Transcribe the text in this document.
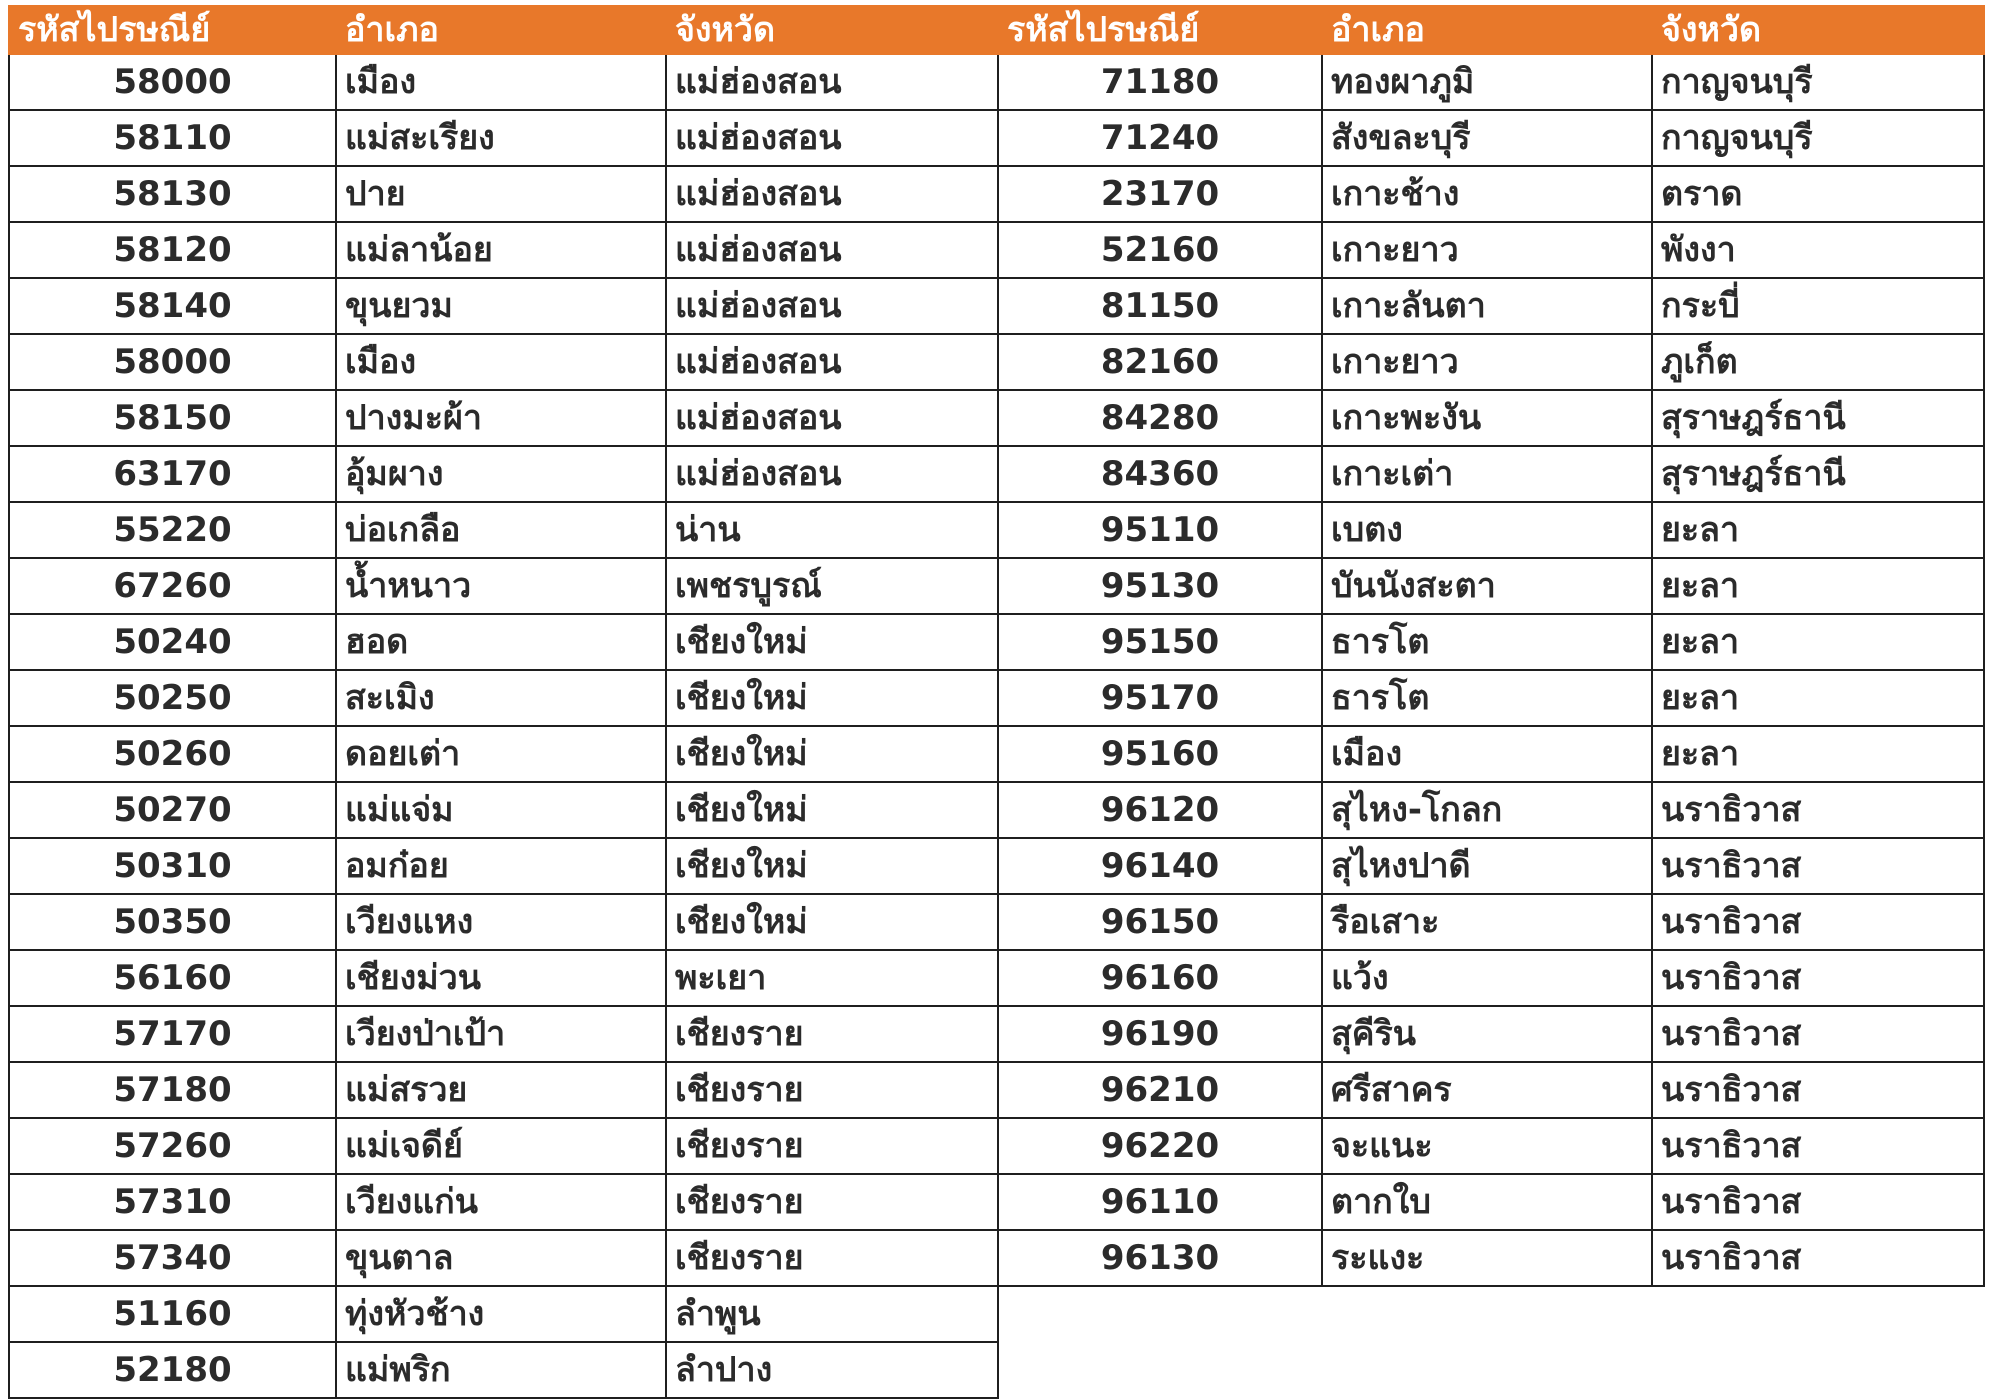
รหัสไปรษณีย์	อำเภอ	จังหวัด
58000	เมือง	แม่ฮ่องสอน
58110	แม่สะเรียง	แม่ฮ่องสอน
58130	ปาย	แม่ฮ่องสอน
58120	แม่ลาน้อย	แม่ฮ่องสอน
58140	ขุนยวม	แม่ฮ่องสอน
58000	เมือง	แม่ฮ่องสอน
58150	ปางมะผ้า	แม่ฮ่องสอน
63170	อุ้มผาง	แม่ฮ่องสอน
55220	บ่อเกลือ	น่าน
67260	น้ำหนาว	เพชรบูรณ์
50240	ฮอด	เชียงใหม่
50250	สะเมิง	เชียงใหม่
50260	ดอยเต่า	เชียงใหม่
50270	แม่แจ่ม	เชียงใหม่
50310	อมก๋อย	เชียงใหม่
50350	เวียงแหง	เชียงใหม่
56160	เชียงม่วน	พะเยา
57170	เวียงป่าเป้า	เชียงราย
57180	แม่สรวย	เชียงราย
57260	แม่เจดีย์	เชียงราย
57310	เวียงแก่น	เชียงราย
57340	ขุนตาล	เชียงราย
51160	ทุ่งหัวช้าง	ลำพูน
52180	แม่พริก	ลำปาง
รหัสไปรษณีย์	อำเภอ	จังหวัด
71180	ทองผาภูมิ	กาญจนบุรี
71240	สังขละบุรี	กาญจนบุรี
23170	เกาะช้าง	ตราด
52160	เกาะยาว	พังงา
81150	เกาะลันตา	กระบี่
82160	เกาะยาว	ภูเก็ต
84280	เกาะพะงัน	สุราษฎร์ธานี
84360	เกาะเต่า	สุราษฎร์ธานี
95110	เบตง	ยะลา
95130	บันนังสะตา	ยะลา
95150	ธารโต	ยะลา
95170	ธารโต	ยะลา
95160	เมือง	ยะลา
96120	สุไหง-โกลก	นราธิวาส
96140	สุไหงปาดี	นราธิวาส
96150	รือเสาะ	นราธิวาส
96160	แว้ง	นราธิวาส
96190	สุคีริน	นราธิวาส
96210	ศรีสาคร	นราธิวาส
96220	จะแนะ	นราธิวาส
96110	ตากใบ	นราธิวาส
96130	ระแงะ	นราธิวาส
